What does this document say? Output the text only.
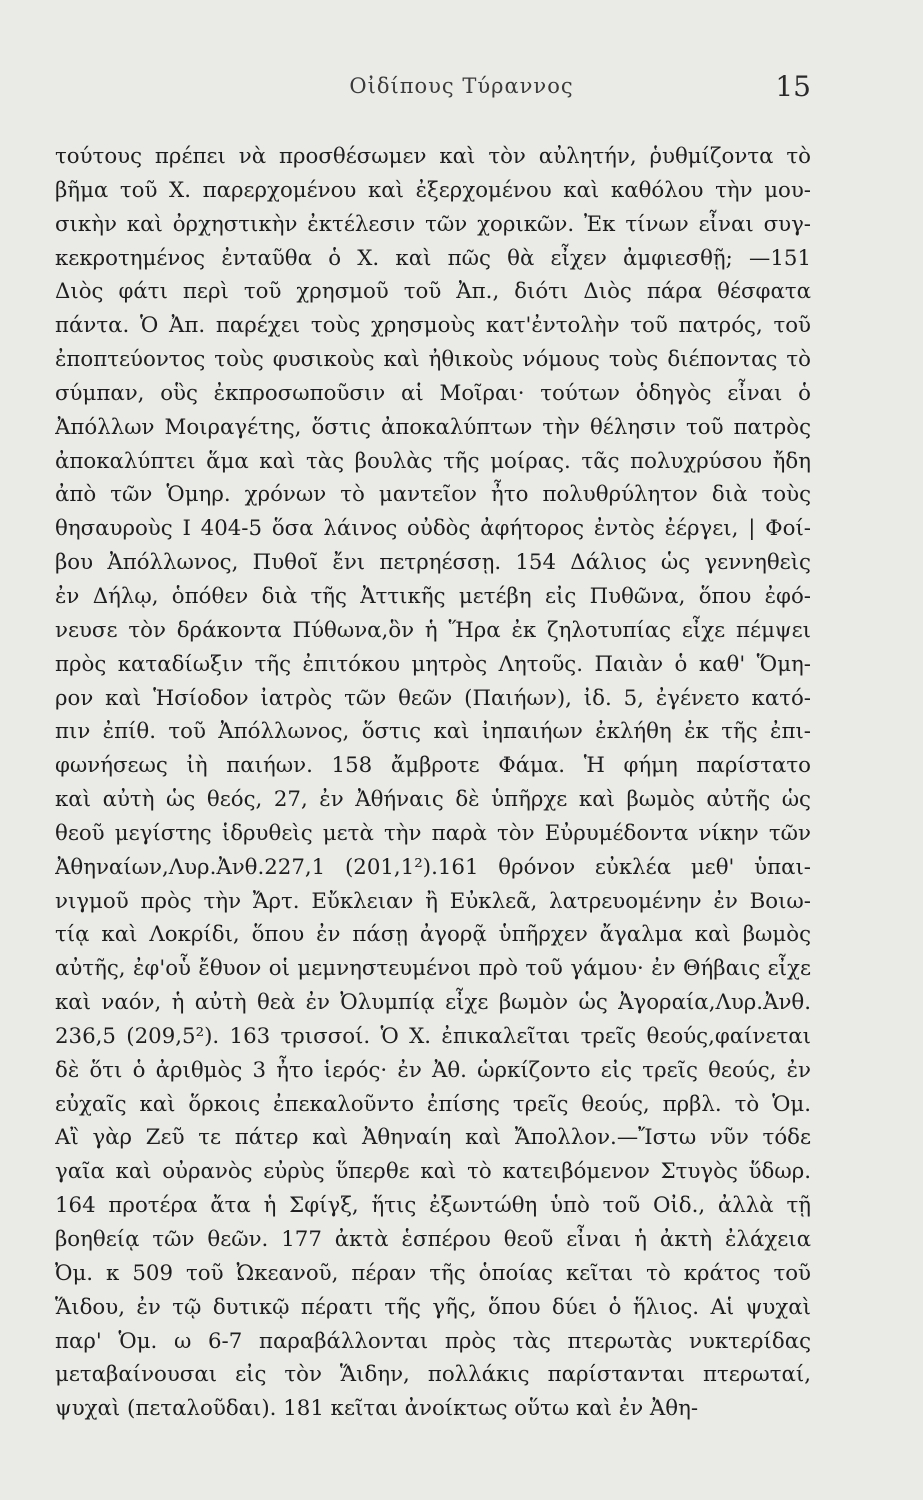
Οἰδίπους Τύραννος	15
τούτους πρέπει νὰ προσθέσωμεν καὶ τὸν αὐλητήν, ῥυθμίζοντα τὸ
βῆμα τοῦ Χ. παρερχομένου καὶ ἐξερχομένου καὶ καθόλου τὴν μου-
σικὴν καὶ ὀρχηστικὴν ἐκτέλεσιν τῶν χορικῶν. Ἐκ τίνων εἶναι συγ-
κεκροτημένος ἐνταῦθα ὁ Χ. καὶ πῶς θὰ εἶχεν ἀμφιεσθῇ; —151
Διὸς φάτι περὶ τοῦ χρησμοῦ τοῦ Ἀπ., διότι Διὸς πάρα θέσφατα
πάντα. Ὁ Ἀπ. παρέχει τοὺς χρησμοὺς κατ'ἐντολὴν τοῦ πατρός, τοῦ
ἐποπτεύοντος τοὺς φυσικοὺς καὶ ἠθικοὺς νόμους τοὺς διέποντας τὸ
σύμπαν, οὓς ἐκπροσωποῦσιν αἱ Μοῖραι· τούτων ὁδηγὸς εἶναι ὁ
Ἀπόλλων Μοιραγέτης, ὅστις ἀποκαλύπτων τὴν θέλησιν τοῦ πατρὸς
ἀποκαλύπτει ἅμα καὶ τὰς βουλὰς τῆς μοίρας. τᾶς πολυχρύσου ἤδη
ἀπὸ τῶν Ὁμηρ. χρόνων τὸ μαντεῖον ἦτο πολυθρύλητον διὰ τοὺς
θησαυροὺς Ι 404-5 ὅσα λάινος οὐδὸς ἀφήτορος ἐντὸς ἐέργει, | Φοί-
βου Ἀπόλλωνος, Πυθοῖ ἔνι πετρηέσσῃ. 154 Δάλιος ὡς γεννηθεὶς
ἐν Δήλῳ, ὁπόθεν διὰ τῆς Ἀττικῆς μετέβη εἰς Πυθῶνα, ὅπου ἐφό-
νευσε τὸν δράκοντα Πύθωνα,ὃν ἡ Ἥρα ἐκ ζηλοτυπίας εἶχε πέμψει
πρὸς καταδίωξιν τῆς ἐπιτόκου μητρὸς Λητοῦς. Παιὰν ὁ καθ' Ὅμη-
ρον καὶ Ἡσίοδον ἰατρὸς τῶν θεῶν (Παιήων), ἰδ. 5, ἐγένετο κατό-
πιν ἐπίθ. τοῦ Ἀπόλλωνος, ὅστις καὶ ἰηπαιήων ἐκλήθη ἐκ τῆς ἐπι-
φωνήσεως ἰὴ παιήων. 158 ἄμβροτε Φάμα. Ἡ φήμη παρίστατο
καὶ αὐτὴ ὡς θεός, 27, ἐν Ἀθήναις δὲ ὑπῆρχε καὶ βωμὸς αὐτῆς ὡς
θεοῦ μεγίστης ἱδρυθεὶς μετὰ τὴν παρὰ τὸν Εὐρυμέδοντα νίκην τῶν
Ἀθηναίων,Λυρ.Ἀνθ.227,1 (201,1²).161 θρόνον εὐκλέα μεθ' ὑπαι-
νιγμοῦ πρὸς τὴν Ἄρτ. Εὔκλειαν ἢ Εὐκλεᾶ, λατρευομένην ἐν Βοιω-
τίᾳ καὶ Λοκρίδι, ὅπου ἐν πάσῃ ἀγορᾷ ὑπῆρχεν ἄγαλμα καὶ βωμὸς
αὐτῆς, ἐφ'οὗ ἔθυον οἱ μεμνηστευμένοι πρὸ τοῦ γάμου· ἐν Θήβαις εἶχε
καὶ ναόν, ἡ αὐτὴ θεὰ ἐν Ὀλυμπίᾳ εἶχε βωμὸν ὡς Ἀγοραία,Λυρ.Ἀνθ.
236,5 (209,5²). 163 τρισσοί. Ὁ Χ. ἐπικαλεῖται τρεῖς θεούς,φαίνεται
δὲ ὅτι ὁ ἀριθμὸς 3 ἦτο ἱερός· ἐν Ἀθ. ὡρκίζοντο εἰς τρεῖς θεούς, ἐν
εὐχαῖς καὶ ὅρκοις ἐπεκαλοῦντο ἐπίσης τρεῖς θεούς, πρβλ. τὸ Ὁμ.
Αἲ γὰρ Ζεῦ τε πάτερ καὶ Ἀθηναίη καὶ Ἄπολλον.—Ἴστω νῦν τόδε
γαῖα καὶ οὐρανὸς εὐρὺς ὕπερθε καὶ τὸ κατειβόμενον Στυγὸς ὕδωρ.
164 προτέρα ἄτα ἡ Σφίγξ, ἥτις ἐξωντώθη ὑπὸ τοῦ Οἰδ., ἀλλὰ τῇ
βοηθείᾳ τῶν θεῶν. 177 ἀκτὰ ἑσπέρου θεοῦ εἶναι ἡ ἀκτὴ ἐλάχεια
Ὀμ. κ 509 τοῦ Ὠκεανοῦ, πέραν τῆς ὁποίας κεῖται τὸ κράτος τοῦ
Ἅιδου, ἐν τῷ δυτικῷ πέρατι τῆς γῆς, ὅπου δύει ὁ ἥλιος. Αἱ ψυχαὶ
παρ' Ὁμ. ω 6-7 παραβάλλονται πρὸς τὰς πτερωτὰς νυκτερίδας
μεταβαίνουσαι εἰς τὸν Ἅιδην, πολλάκις παρίστανται πτερωταί,
ψυχαὶ (πεταλοῦδαι). 181 κεῖται ἀνοίκτως οὕτω καὶ ἐν Ἀθη-
